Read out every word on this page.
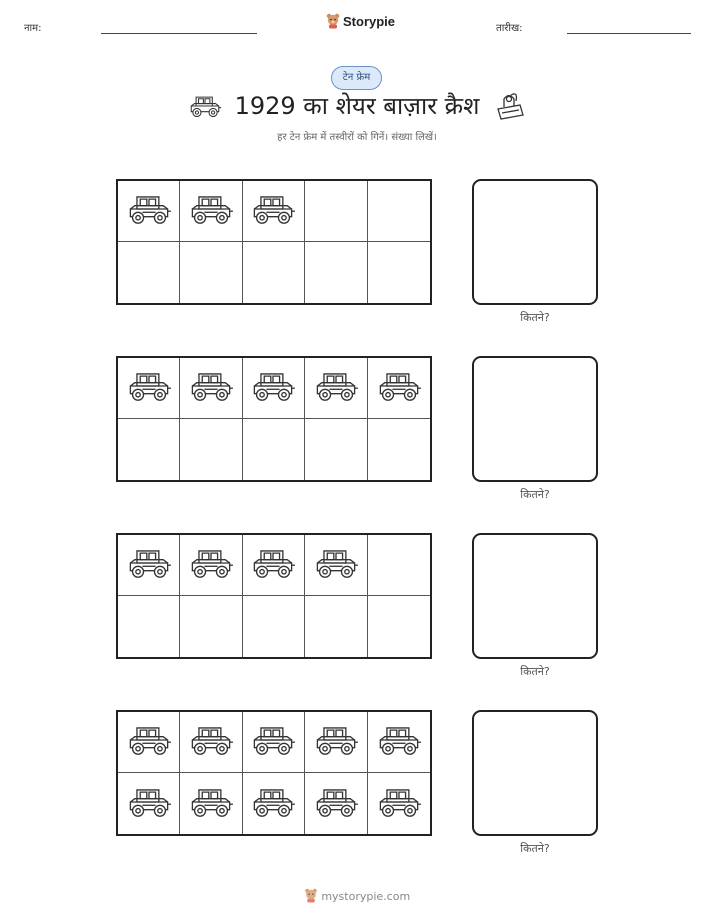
नाम:	Storypie	तारीख:
टेन फ्रेम
1929 का शेयर बाज़ार क्रैश
हर टेन फ्रेम में तस्वीरों को गिनें। संख्या लिखें।
कितने?
कितने?
कितने?
कितने?
mystorypie.com
